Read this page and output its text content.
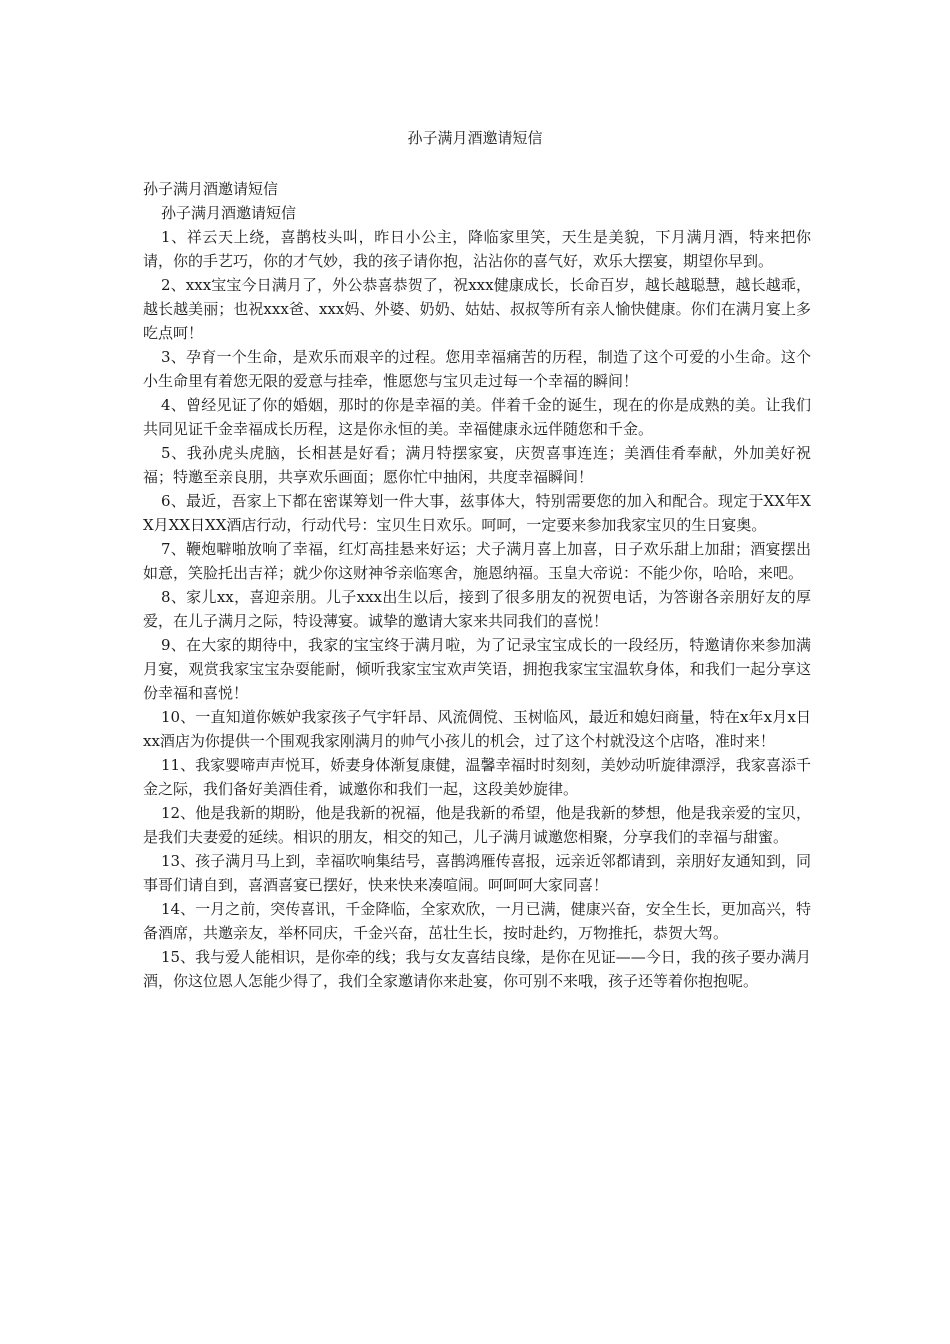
孙子满月酒邀请短信

孙子满月酒邀请短信

孙子满月酒邀请短信

1、祥云天上绕，喜鹊枝头叫，昨日小公主，降临家里笑，天生是美貌，下月满月酒，特来把你请，你的手艺巧，你的才气妙，我的孩子请你抱，沾沾你的喜气好，欢乐大摆宴，期望你早到。

2、xxx宝宝今日满月了，外公恭喜恭贺了，祝xxx健康成长，长命百岁，越长越聪慧，越长越乖，越长越美丽；也祝xxx爸、xxx妈、外婆、奶奶、姑姑、叔叔等所有亲人愉快健康。你们在满月宴上多吃点呵！

3、孕育一个生命，是欢乐而艰辛的过程。您用幸福痛苦的历程，制造了这个可爱的小生命。这个小生命里有着您无限的爱意与挂牵，惟愿您与宝贝走过每一个幸福的瞬间！

4、曾经见证了你的婚姻，那时的你是幸福的美。伴着千金的诞生，现在的你是成熟的美。让我们共同见证千金幸福成长历程，这是你永恒的美。幸福健康永远伴随您和千金。

5、我孙虎头虎脑，长相甚是好看；满月特摆家宴，庆贺喜事连连；美酒佳肴奉献，外加美好祝福；特邀至亲良朋，共享欢乐画面；愿你忙中抽闲，共度幸福瞬间！

6、最近，吾家上下都在密谋筹划一件大事，兹事体大，特别需要您的加入和配合。现定于XX年XX月XX日XX酒店行动，行动代号：宝贝生日欢乐。呵呵，一定要来参加我家宝贝的生日宴奥。

7、鞭炮噼啪放响了幸福，红灯高挂悬来好运；犬子满月喜上加喜，日子欢乐甜上加甜；酒宴摆出如意，笑脸托出吉祥；就少你这财神爷亲临寒舍，施恩纳福。玉皇大帝说：不能少你，哈哈，来吧。

8、家儿xx，喜迎亲朋。儿子xxx出生以后，接到了很多朋友的祝贺电话，为答谢各亲朋好友的厚爱，在儿子满月之际，特设薄宴。诚挚的邀请大家来共同我们的喜悦！

9、在大家的期待中，我家的宝宝终于满月啦，为了记录宝宝成长的一段经历，特邀请你来参加满月宴，观赏我家宝宝杂耍能耐，倾听我家宝宝欢声笑语，拥抱我家宝宝温软身体，和我们一起分享这份幸福和喜悦！

10、一直知道你嫉妒我家孩子气宇轩昂、风流倜傥、玉树临风，最近和媳妇商量，特在x年x月x日xx酒店为你提供一个围观我家刚满月的帅气小孩儿的机会，过了这个村就没这个店咯，准时来！

11、我家婴啼声声悦耳，娇妻身体渐复康健，温馨幸福时时刻刻，美妙动听旋律漂浮，我家喜添千金之际，我们备好美酒佳肴，诚邀你和我们一起，这段美妙旋律。

12、他是我新的期盼，他是我新的祝福，他是我新的希望，他是我新的梦想，他是我亲爱的宝贝，是我们夫妻爱的延续。相识的朋友，相交的知己，儿子满月诚邀您相聚，分享我们的幸福与甜蜜。

13、孩子满月马上到，幸福吹响集结号，喜鹊鸿雁传喜报，远亲近邻都请到，亲朋好友通知到，同事哥们请自到，喜酒喜宴已摆好，快来快来凑喧闹。呵呵呵大家同喜！

14、一月之前，突传喜讯，千金降临，全家欢欣，一月已满，健康兴奋，安全生长，更加高兴，特备酒席，共邀亲友，举杯同庆，千金兴奋，茁壮生长，按时赴约，万物推托，恭贺大驾。

15、我与爱人能相识，是你牵的线；我与女友喜结良缘，是你在见证——今日，我的孩子要办满月酒，你这位恩人怎能少得了，我们全家邀请你来赴宴，你可别不来哦，孩子还等着你抱抱呢。
